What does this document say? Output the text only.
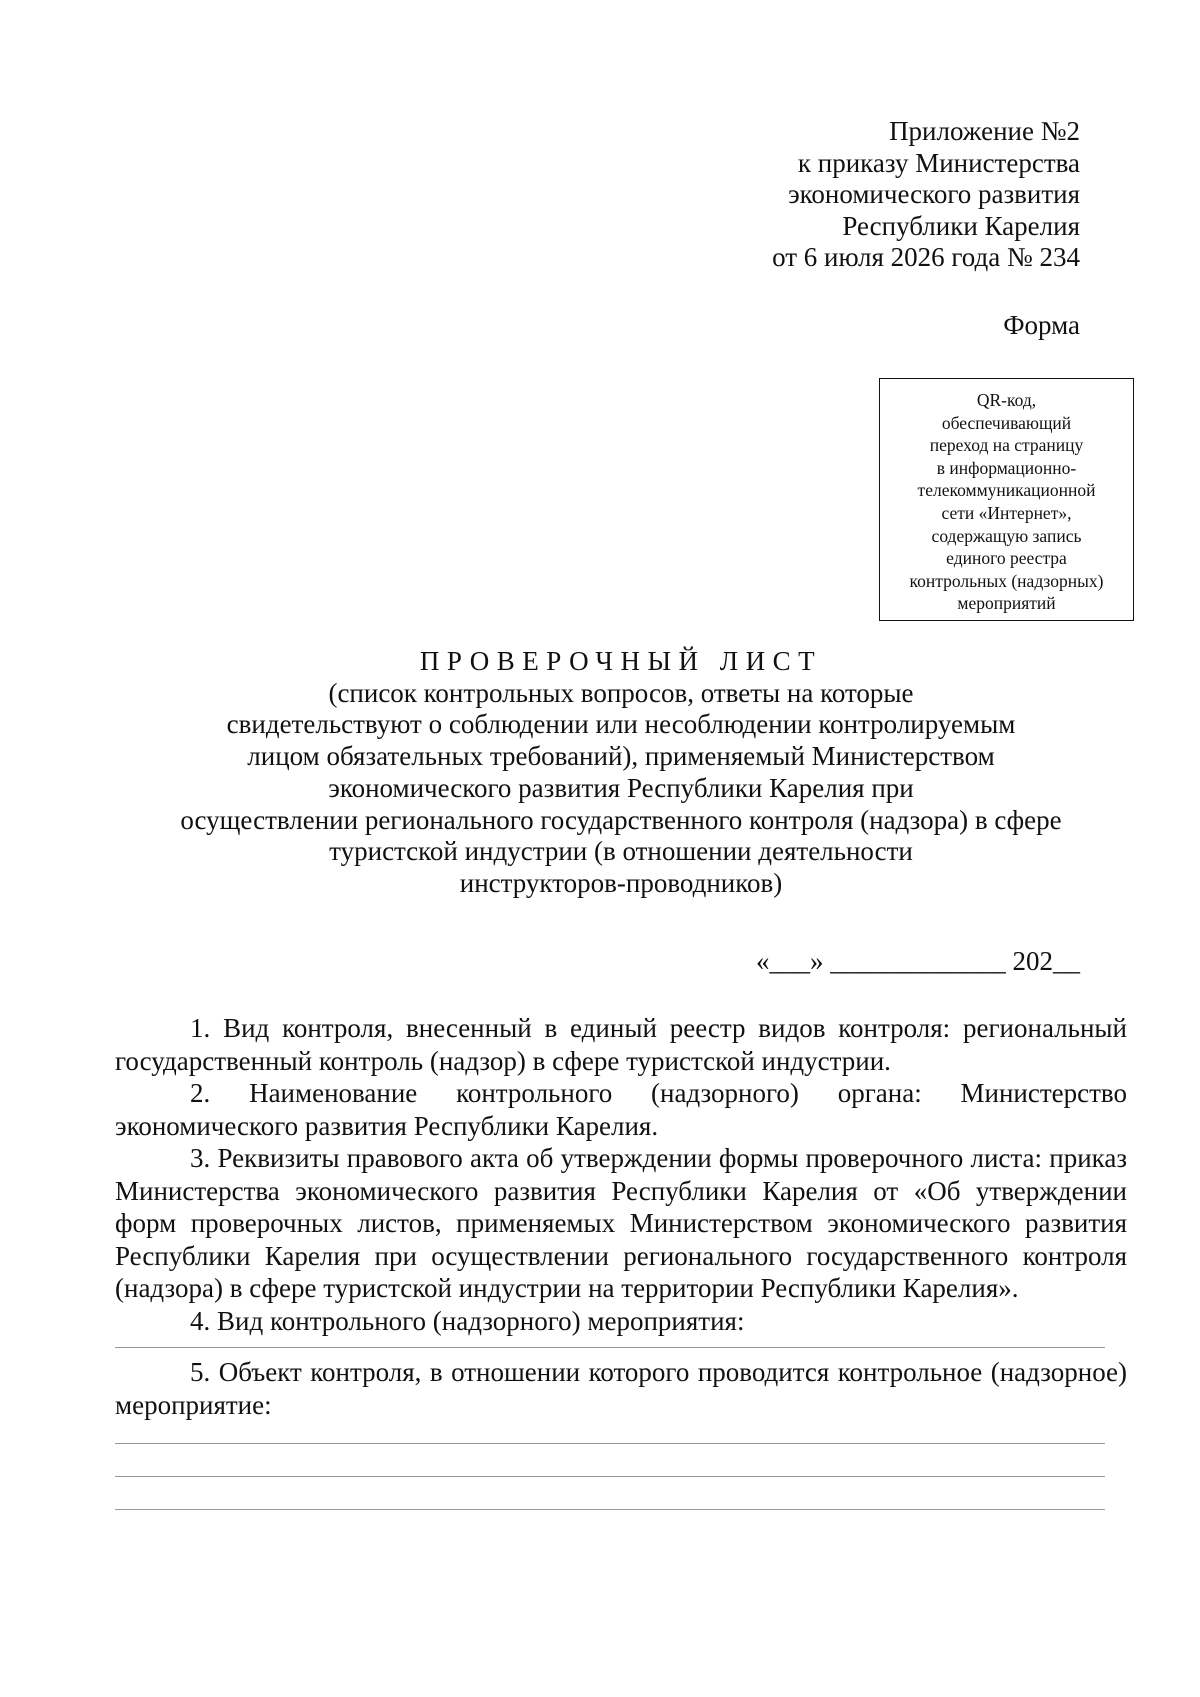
Приложение №2
к приказу Министерства
экономического развития
Республики Карелия
от 6 июля 2026 года № 234
Форма
QR-код,
обеспечивающий
переход на страницу
в информационно-
телекоммуникационной
сети «Интернет»,
содержащую запись
единого реестра
контрольных (надзорных)
мероприятий
ПРОВЕРОЧНЫЙ ЛИСТ
(список контрольных вопросов, ответы на которые
свидетельствуют о соблюдении или несоблюдении контролируемым
лицом обязательных требований), применяемый Министерством
экономического развития Республики Карелия при
осуществлении регионального государственного контроля (надзора) в сфере
туристской индустрии (в отношении деятельности
инструкторов-проводников)
«___» _____________ 202__

1. Вид контроля, внесенный в единый реестр видов контроля: региональный государственный контроль (надзор) в сфере туристской индустрии.

2. Наименование контрольного (надзорного) органа: Министерство экономического развития Республики Карелия.

3. Реквизиты правового акта об утверждении формы проверочного листа: приказ Министерства экономического развития Республики Карелия от «Об утверждении форм проверочных листов, применяемых Министерством экономического развития Республики Карелия при осуществлении регионального государственного контроля (надзора) в сфере туристской индустрии на территории Республики Карелия».

4. Вид контрольного (надзорного) мероприятия:

5. Объект контроля, в отношении которого проводится контрольное (надзорное) мероприятие:
